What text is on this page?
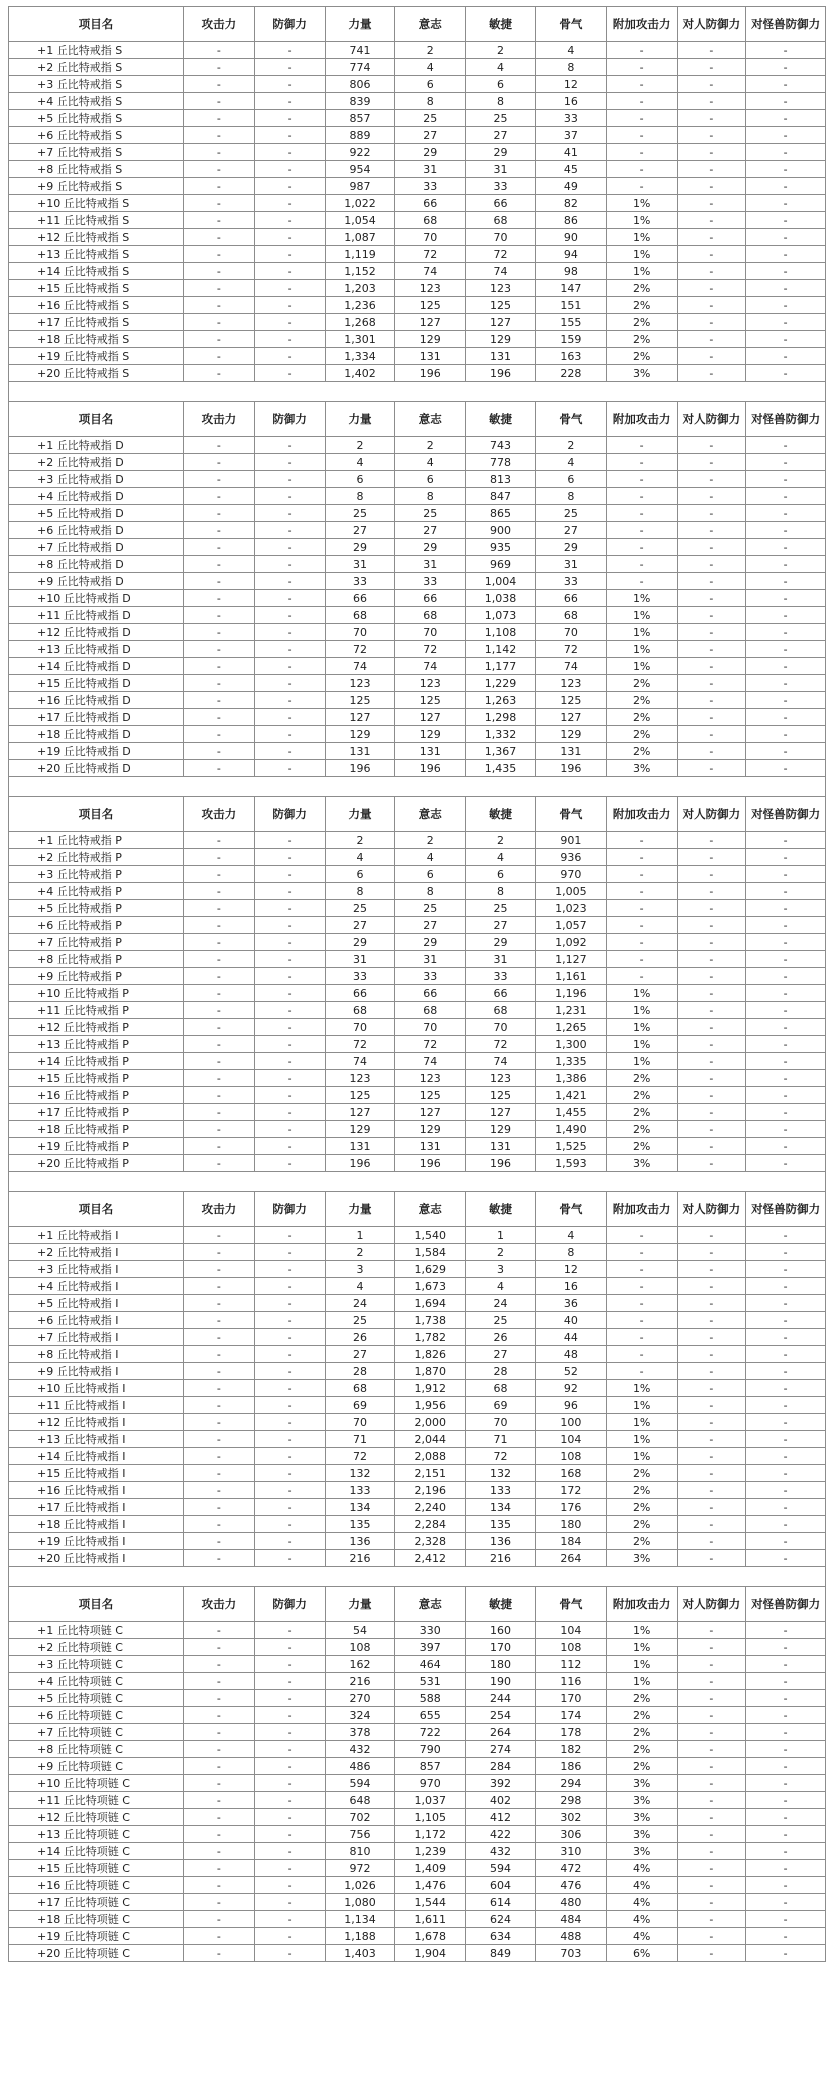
项目名	攻击力	防御力	力量	意志	敏捷	骨气	附加攻击力	对人防御力	对怪兽防御力
+1 丘比特戒指 S	-	-	741	2	2	4	-	-	-
+2 丘比特戒指 S	-	-	774	4	4	8	-	-	-
+3 丘比特戒指 S	-	-	806	6	6	12	-	-	-
+4 丘比特戒指 S	-	-	839	8	8	16	-	-	-
+5 丘比特戒指 S	-	-	857	25	25	33	-	-	-
+6 丘比特戒指 S	-	-	889	27	27	37	-	-	-
+7 丘比特戒指 S	-	-	922	29	29	41	-	-	-
+8 丘比特戒指 S	-	-	954	31	31	45	-	-	-
+9 丘比特戒指 S	-	-	987	33	33	49	-	-	-
+10 丘比特戒指 S	-	-	1,022	66	66	82	1%	-	-
+11 丘比特戒指 S	-	-	1,054	68	68	86	1%	-	-
+12 丘比特戒指 S	-	-	1,087	70	70	90	1%	-	-
+13 丘比特戒指 S	-	-	1,119	72	72	94	1%	-	-
+14 丘比特戒指 S	-	-	1,152	74	74	98	1%	-	-
+15 丘比特戒指 S	-	-	1,203	123	123	147	2%	-	-
+16 丘比特戒指 S	-	-	1,236	125	125	151	2%	-	-
+17 丘比特戒指 S	-	-	1,268	127	127	155	2%	-	-
+18 丘比特戒指 S	-	-	1,301	129	129	159	2%	-	-
+19 丘比特戒指 S	-	-	1,334	131	131	163	2%	-	-
+20 丘比特戒指 S	-	-	1,402	196	196	228	3%	-	-
项目名	攻击力	防御力	力量	意志	敏捷	骨气	附加攻击力	对人防御力	对怪兽防御力
+1 丘比特戒指 D	-	-	2	2	743	2	-	-	-
+2 丘比特戒指 D	-	-	4	4	778	4	-	-	-
+3 丘比特戒指 D	-	-	6	6	813	6	-	-	-
+4 丘比特戒指 D	-	-	8	8	847	8	-	-	-
+5 丘比特戒指 D	-	-	25	25	865	25	-	-	-
+6 丘比特戒指 D	-	-	27	27	900	27	-	-	-
+7 丘比特戒指 D	-	-	29	29	935	29	-	-	-
+8 丘比特戒指 D	-	-	31	31	969	31	-	-	-
+9 丘比特戒指 D	-	-	33	33	1,004	33	-	-	-
+10 丘比特戒指 D	-	-	66	66	1,038	66	1%	-	-
+11 丘比特戒指 D	-	-	68	68	1,073	68	1%	-	-
+12 丘比特戒指 D	-	-	70	70	1,108	70	1%	-	-
+13 丘比特戒指 D	-	-	72	72	1,142	72	1%	-	-
+14 丘比特戒指 D	-	-	74	74	1,177	74	1%	-	-
+15 丘比特戒指 D	-	-	123	123	1,229	123	2%	-	-
+16 丘比特戒指 D	-	-	125	125	1,263	125	2%	-	-
+17 丘比特戒指 D	-	-	127	127	1,298	127	2%	-	-
+18 丘比特戒指 D	-	-	129	129	1,332	129	2%	-	-
+19 丘比特戒指 D	-	-	131	131	1,367	131	2%	-	-
+20 丘比特戒指 D	-	-	196	196	1,435	196	3%	-	-
项目名	攻击力	防御力	力量	意志	敏捷	骨气	附加攻击力	对人防御力	对怪兽防御力
+1 丘比特戒指 P	-	-	2	2	2	901	-	-	-
+2 丘比特戒指 P	-	-	4	4	4	936	-	-	-
+3 丘比特戒指 P	-	-	6	6	6	970	-	-	-
+4 丘比特戒指 P	-	-	8	8	8	1,005	-	-	-
+5 丘比特戒指 P	-	-	25	25	25	1,023	-	-	-
+6 丘比特戒指 P	-	-	27	27	27	1,057	-	-	-
+7 丘比特戒指 P	-	-	29	29	29	1,092	-	-	-
+8 丘比特戒指 P	-	-	31	31	31	1,127	-	-	-
+9 丘比特戒指 P	-	-	33	33	33	1,161	-	-	-
+10 丘比特戒指 P	-	-	66	66	66	1,196	1%	-	-
+11 丘比特戒指 P	-	-	68	68	68	1,231	1%	-	-
+12 丘比特戒指 P	-	-	70	70	70	1,265	1%	-	-
+13 丘比特戒指 P	-	-	72	72	72	1,300	1%	-	-
+14 丘比特戒指 P	-	-	74	74	74	1,335	1%	-	-
+15 丘比特戒指 P	-	-	123	123	123	1,386	2%	-	-
+16 丘比特戒指 P	-	-	125	125	125	1,421	2%	-	-
+17 丘比特戒指 P	-	-	127	127	127	1,455	2%	-	-
+18 丘比特戒指 P	-	-	129	129	129	1,490	2%	-	-
+19 丘比特戒指 P	-	-	131	131	131	1,525	2%	-	-
+20 丘比特戒指 P	-	-	196	196	196	1,593	3%	-	-
项目名	攻击力	防御力	力量	意志	敏捷	骨气	附加攻击力	对人防御力	对怪兽防御力
+1 丘比特戒指 I	-	-	1	1,540	1	4	-	-	-
+2 丘比特戒指 I	-	-	2	1,584	2	8	-	-	-
+3 丘比特戒指 I	-	-	3	1,629	3	12	-	-	-
+4 丘比特戒指 I	-	-	4	1,673	4	16	-	-	-
+5 丘比特戒指 I	-	-	24	1,694	24	36	-	-	-
+6 丘比特戒指 I	-	-	25	1,738	25	40	-	-	-
+7 丘比特戒指 I	-	-	26	1,782	26	44	-	-	-
+8 丘比特戒指 I	-	-	27	1,826	27	48	-	-	-
+9 丘比特戒指 I	-	-	28	1,870	28	52	-	-	-
+10 丘比特戒指 I	-	-	68	1,912	68	92	1%	-	-
+11 丘比特戒指 I	-	-	69	1,956	69	96	1%	-	-
+12 丘比特戒指 I	-	-	70	2,000	70	100	1%	-	-
+13 丘比特戒指 I	-	-	71	2,044	71	104	1%	-	-
+14 丘比特戒指 I	-	-	72	2,088	72	108	1%	-	-
+15 丘比特戒指 I	-	-	132	2,151	132	168	2%	-	-
+16 丘比特戒指 I	-	-	133	2,196	133	172	2%	-	-
+17 丘比特戒指 I	-	-	134	2,240	134	176	2%	-	-
+18 丘比特戒指 I	-	-	135	2,284	135	180	2%	-	-
+19 丘比特戒指 I	-	-	136	2,328	136	184	2%	-	-
+20 丘比特戒指 I	-	-	216	2,412	216	264	3%	-	-
项目名	攻击力	防御力	力量	意志	敏捷	骨气	附加攻击力	对人防御力	对怪兽防御力
+1 丘比特项链 C	-	-	54	330	160	104	1%	-	-
+2 丘比特项链 C	-	-	108	397	170	108	1%	-	-
+3 丘比特项链 C	-	-	162	464	180	112	1%	-	-
+4 丘比特项链 C	-	-	216	531	190	116	1%	-	-
+5 丘比特项链 C	-	-	270	588	244	170	2%	-	-
+6 丘比特项链 C	-	-	324	655	254	174	2%	-	-
+7 丘比特项链 C	-	-	378	722	264	178	2%	-	-
+8 丘比特项链 C	-	-	432	790	274	182	2%	-	-
+9 丘比特项链 C	-	-	486	857	284	186	2%	-	-
+10 丘比特项链 C	-	-	594	970	392	294	3%	-	-
+11 丘比特项链 C	-	-	648	1,037	402	298	3%	-	-
+12 丘比特项链 C	-	-	702	1,105	412	302	3%	-	-
+13 丘比特项链 C	-	-	756	1,172	422	306	3%	-	-
+14 丘比特项链 C	-	-	810	1,239	432	310	3%	-	-
+15 丘比特项链 C	-	-	972	1,409	594	472	4%	-	-
+16 丘比特项链 C	-	-	1,026	1,476	604	476	4%	-	-
+17 丘比特项链 C	-	-	1,080	1,544	614	480	4%	-	-
+18 丘比特项链 C	-	-	1,134	1,611	624	484	4%	-	-
+19 丘比特项链 C	-	-	1,188	1,678	634	488	4%	-	-
+20 丘比特项链 C	-	-	1,403	1,904	849	703	6%	-	-
